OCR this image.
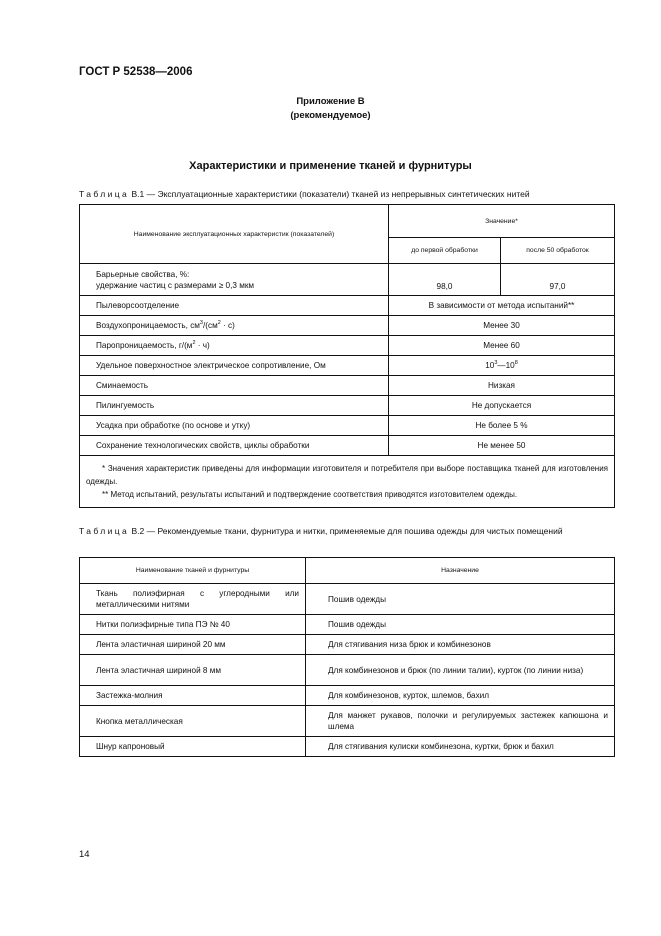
ГОСТ Р 52538—2006
Приложение В
(рекомендуемое)
Характеристики и применение тканей и фурнитуры
Таблица В.1 — Эксплуатационные характеристики (показатели) тканей из непрерывных синтетических нитей
Наименование эксплуатационных характеристик (показателей)	Значение*	
	до первой обработки	после 50 обработок

Барьерные свойства, %:
удержание частиц с размерами ≥ 0,3 мкм	98,0	97,0
Пылеворсоотделение	В зависимости от метода испытаний**	
Воздухопроницаемость, $см^3/(см^2 \cdot с)$	Менее 30	
Паропроницаемость, $г/(м^2 \cdot ч)$	Менее 60	
Удельное поверхностное электрическое сопротивление, Ом	$10^3—10^8$
Сминаемость	Низкая	
Пилингуемость	Не допускается	
Усадка при обработке (по основе и утку)	Не более 5 %	
Сохранение технологических свойств, циклы обработки	Не менее 50	

* Значения характеристик приведены для информации изготовителя и потребителя при выборе поставщика тканей для изготовления одежды.
** Метод испытаний, результаты испытаний и подтверждение соответствия приводятся изготовителем одежды.		
Таблица В.2 — Рекомендуемые ткани, фурнитура и нитки, применяемые для пошива одежды для чистых помещений
Наименование тканей и фурнитуры	Назначение
Ткань полиэфирная с углеродными или металлическими нитями	Пошив одежды
Нитки полиэфирные типа ПЭ № 40	Пошив одежды
Лента эластичная шириной 20 мм	Для стягивания низа брюк и комбинезонов
Лента эластичная шириной 8 мм	Для комбинезонов и брюк (по линии талии), курток (по линии низа)
Застежка-молния	Для комбинезонов, курток, шлемов, бахил
Кнопка металлическая	Для манжет рукавов, полочки и регулируемых застежек капюшона и шлема
Шнур капроновый	Для стягивания кулиски комбинезона, куртки, брюк и бахил
14
